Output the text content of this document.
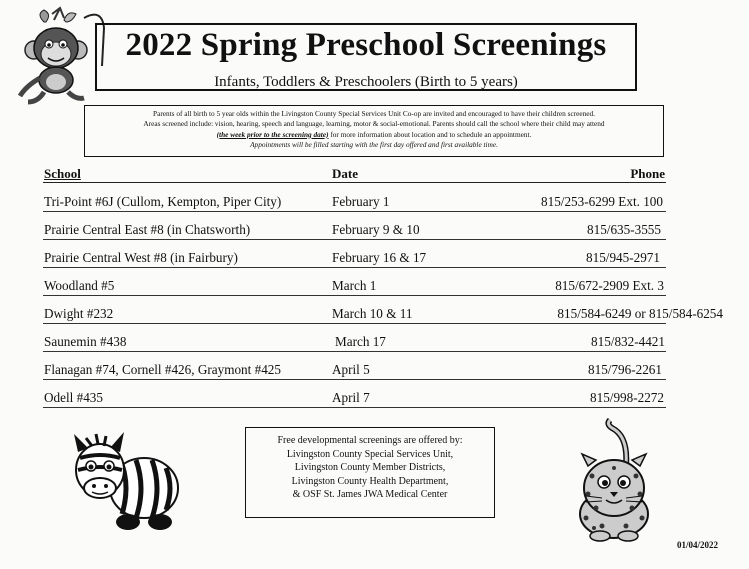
2022 Spring Preschool Screenings
Infants, Toddlers & Preschoolers (Birth to 5 years)
Parents of all birth to 5 year olds within the Livingston County Special Services Unit Co-op are invited and encouraged to have their children screened.
Areas screened include: vision, hearing, speech and language, learning, motor & social-emotional. Parents should call the school where their child may attend
(the week prior to the screening date) for more information about location and to schedule an appointment.
Appointments will be filled starting with the first day offered and first available time.
School	Date	Phone
Tri-Point #6J (Cullom, Kempton, Piper City)	February 1	815/253-6299 Ext. 100
Prairie Central East #8 (in Chatsworth)	February 9 & 10	815/635-3555
Prairie Central West #8 (in Fairbury)	February 16 & 17	815/945-2971
Woodland #5	March 1	815/672-2909 Ext. 3
Dwight #232	March 10 & 11	815/584-6249 or 815/584-6254
Saunemin #438	March 17	815/832-4421
Flanagan #74, Cornell #426, Graymont #425	April 5	815/796-2261
Odell #435	April 7	815/998-2272
Free developmental screenings are offered by:
Livingston County Special Services Unit,
Livingston County Member Districts,
Livingston County Health Department,
& OSF St. James JWA Medical Center
01/04/2022
